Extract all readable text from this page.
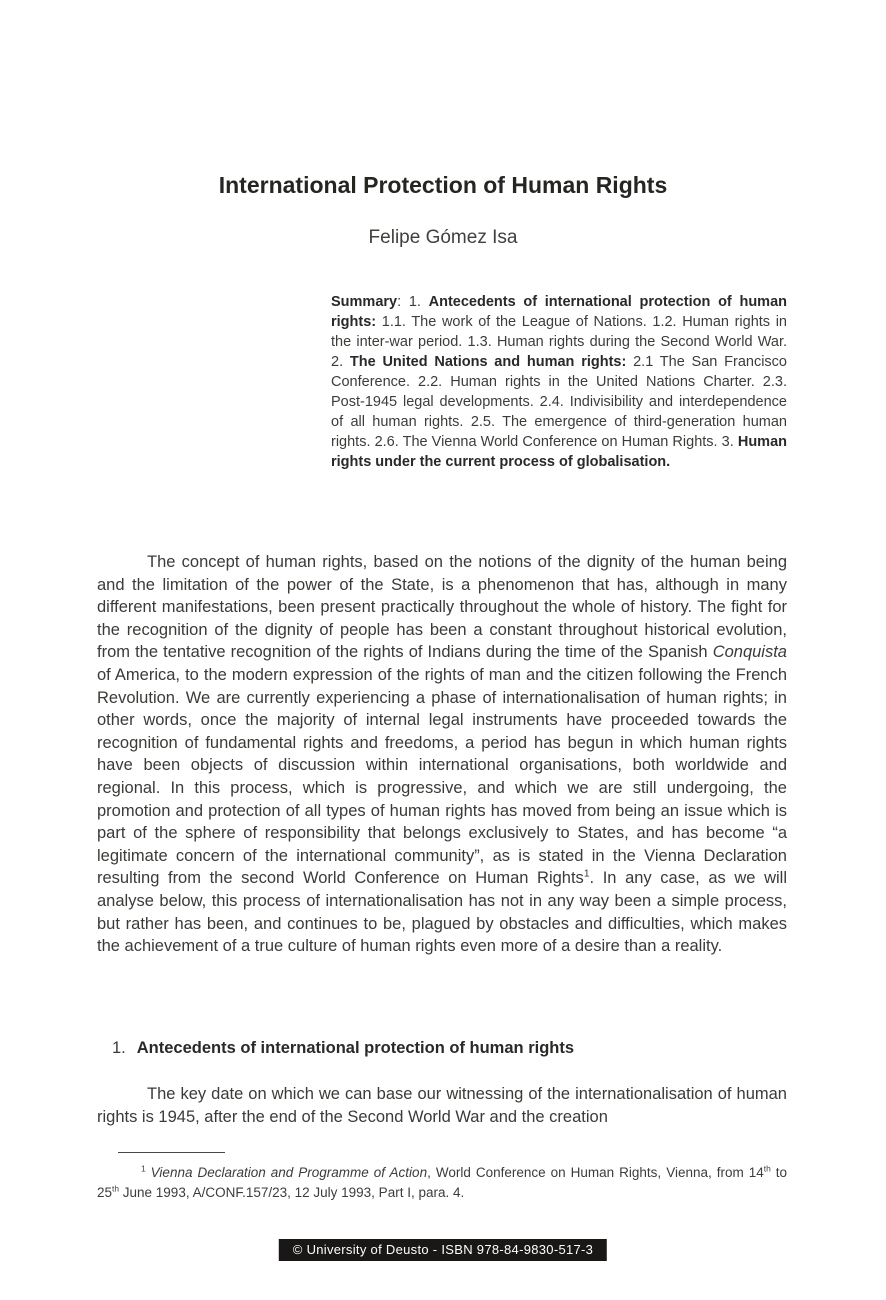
International Protection of Human Rights
Felipe Gómez Isa
Summary: 1. Antecedents of international protection of human rights: 1.1. The work of the League of Nations. 1.2. Human rights in the inter-war period. 1.3. Human rights during the Second World War. 2. The United Nations and human rights: 2.1 The San Francisco Conference. 2.2. Human rights in the United Nations Charter. 2.3. Post-1945 legal developments. 2.4. Indivisibility and interdependence of all human rights. 2.5. The emergence of third-generation human rights. 2.6. The Vienna World Conference on Human Rights. 3. Human rights under the current process of globalisation.

The concept of human rights, based on the notions of the dignity of the human being and the limitation of the power of the State, is a phenomenon that has, although in many different manifestations, been present practically throughout the whole of history. The fight for the recognition of the dignity of people has been a constant throughout historical evolution, from the tentative recognition of the rights of Indians during the time of the Spanish Conquista of America, to the modern expression of the rights of man and the citizen following the French Revolution. We are currently experiencing a phase of internationalisation of human rights; in other words, once the majority of internal legal instruments have proceeded towards the recognition of fundamental rights and freedoms, a period has begun in which human rights have been objects of discussion within international organisations, both worldwide and regional. In this process, which is progressive, and which we are still undergoing, the promotion and protection of all types of human rights has moved from being an issue which is part of the sphere of responsibility that belongs exclusively to States, and has become “a legitimate concern of the international community”, as is stated in the Vienna Declaration resulting from the second World Conference on Human Rights$^1$. In any case, as we will analyse below, this process of internationalisation has not in any way been a simple process, but rather has been, and continues to be, plagued by obstacles and difficulties, which makes the achievement of a true culture of human rights even more of a desire than a reality.

1. Antecedents of international protection of human rights

The key date on which we can base our witnessing of the internationalisation of human rights is 1945, after the end of the Second World War and the creation

$^1$ Vienna Declaration and Programme of Action, World Conference on Human Rights, Vienna, from 14th to 25th June 1993, A/CONF.157/23, 12 July 1993, Part I, para. 4.
© University of Deusto - ISBN 978-84-9830-517-3
